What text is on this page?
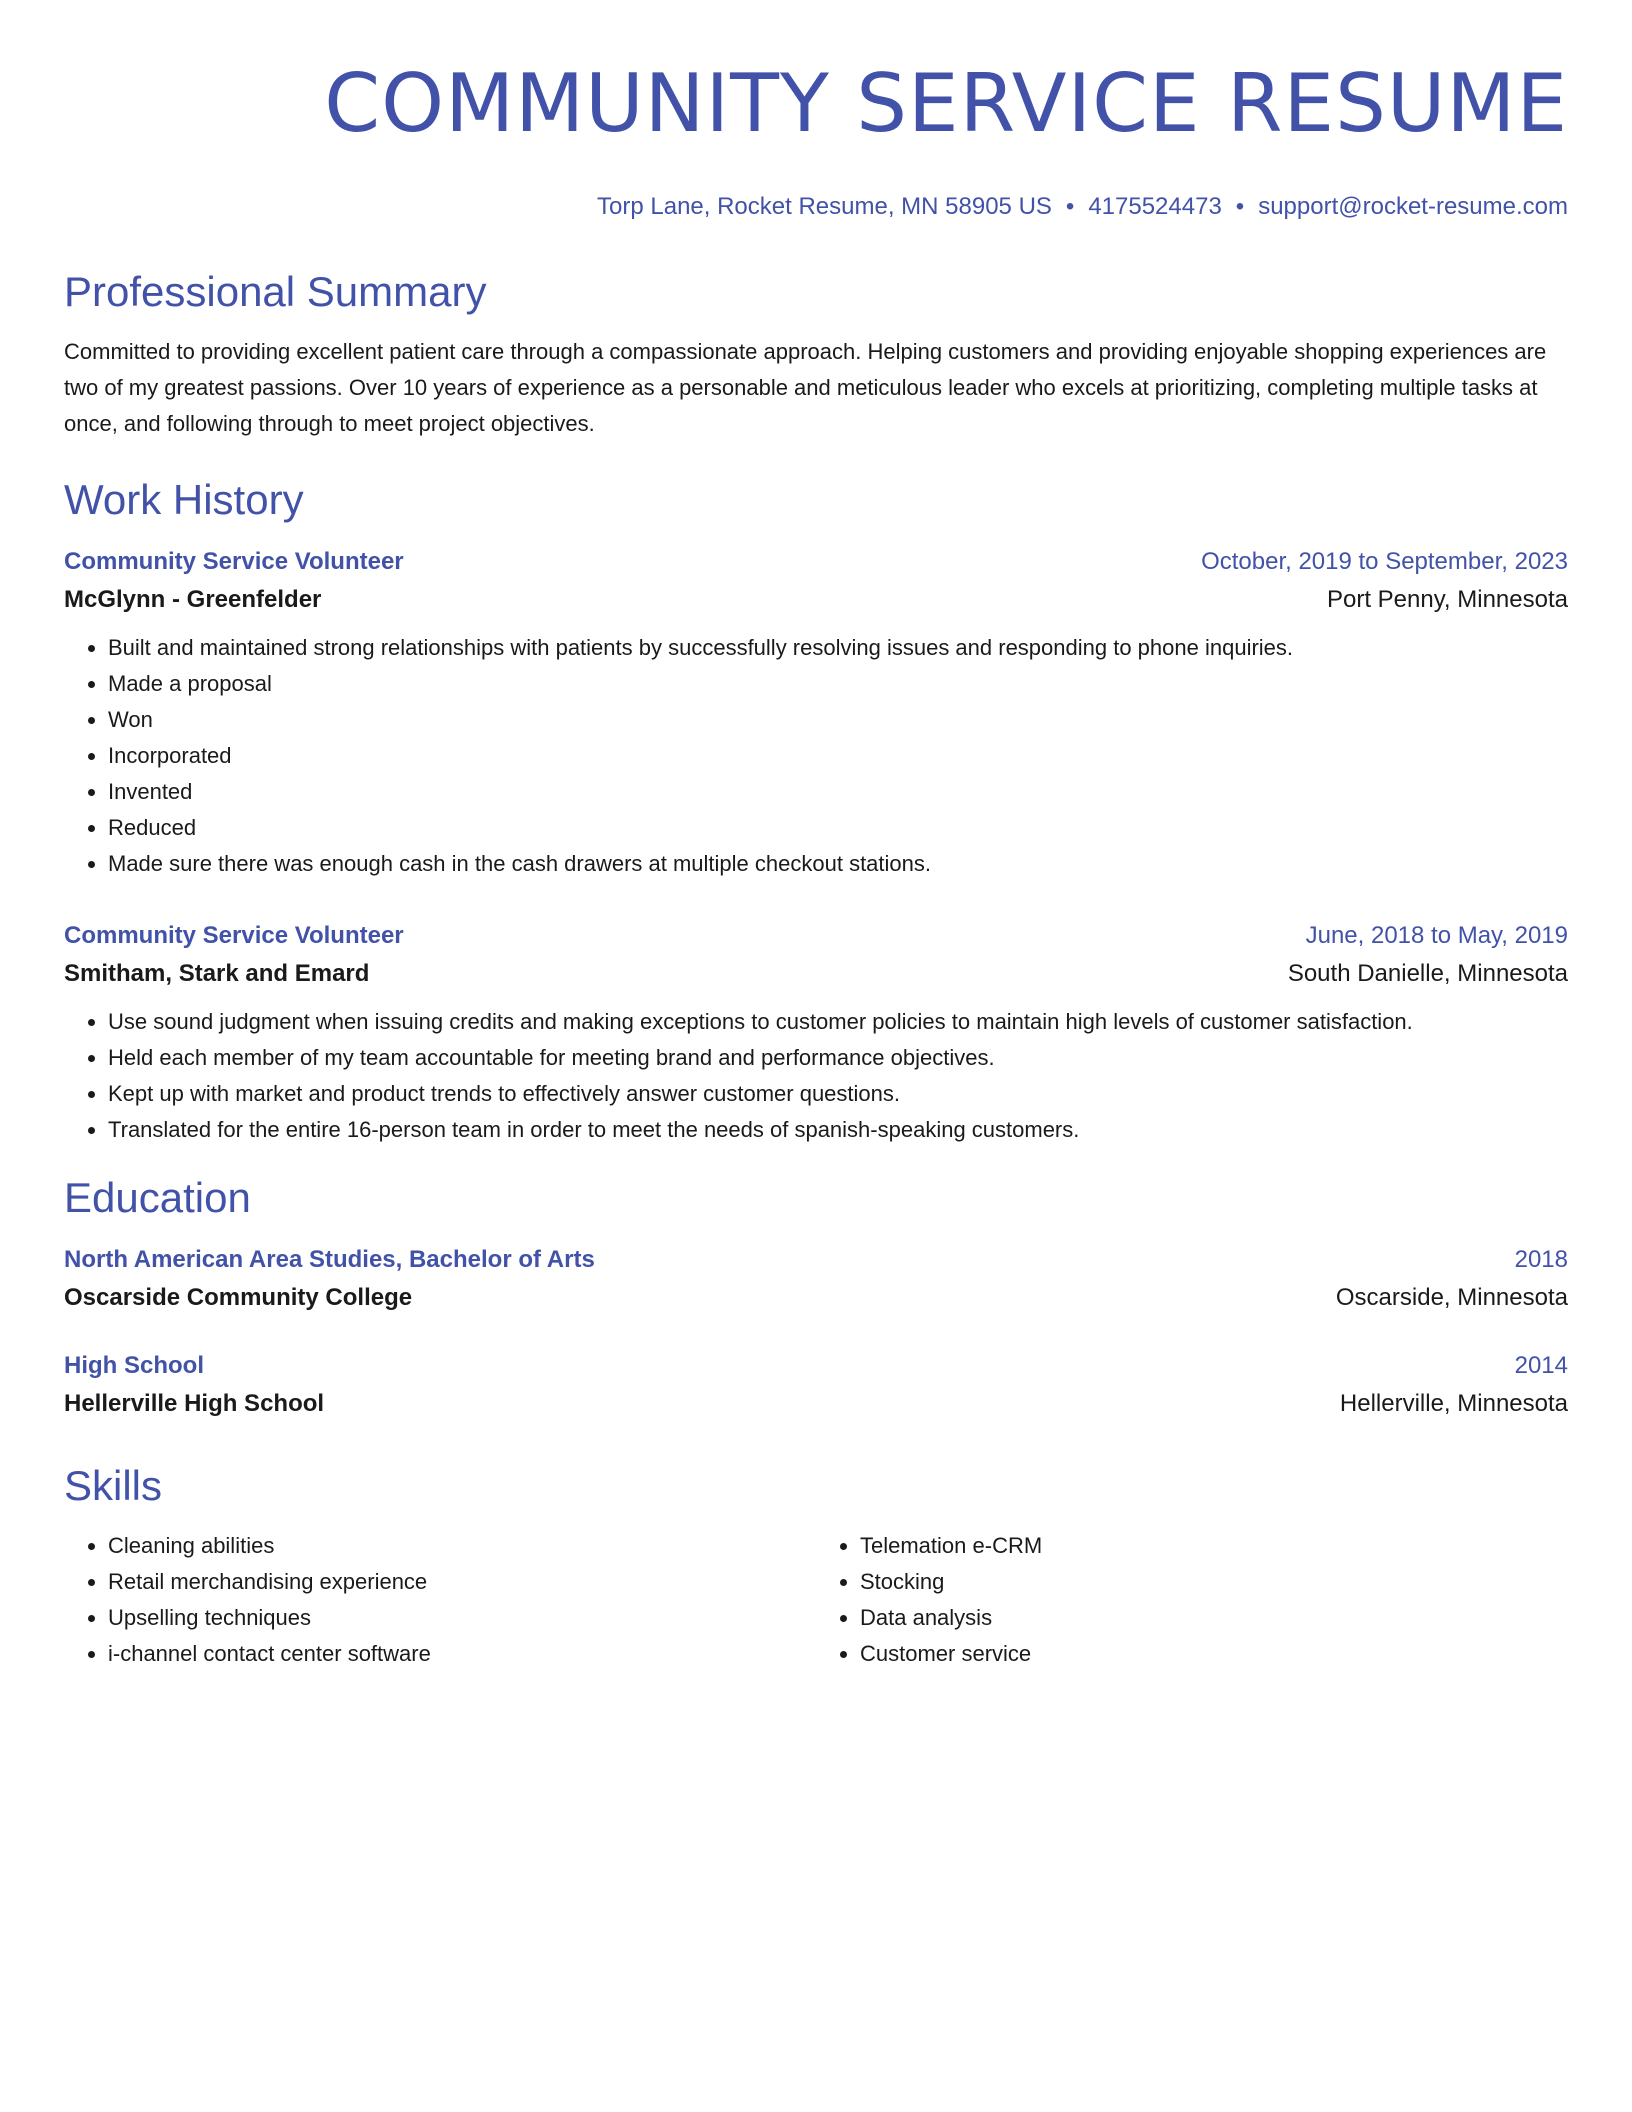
COMMUNITY SERVICE RESUME
Torp Lane, Rocket Resume, MN 58905 US • 4175524473 • support@rocket-resume.com
Professional Summary
Committed to providing excellent patient care through a compassionate approach. Helping customers and providing enjoyable shopping experiences are two of my greatest passions. Over 10 years of experience as a personable and meticulous leader who excels at prioritizing, completing multiple tasks at once, and following through to meet project objectives.
Work History
Community Service Volunteer	October, 2019 to September, 2023
McGlynn - Greenfelder	Port Penny, Minnesota
• Built and maintained strong relationships with patients by successfully resolving issues and responding to phone inquiries.
• Made a proposal
• Won
• Incorporated
• Invented
• Reduced
• Made sure there was enough cash in the cash drawers at multiple checkout stations.
Community Service Volunteer	June, 2018 to May, 2019
Smitham, Stark and Emard	South Danielle, Minnesota
• Use sound judgment when issuing credits and making exceptions to customer policies to maintain high levels of customer satisfaction.
• Held each member of my team accountable for meeting brand and performance objectives.
• Kept up with market and product trends to effectively answer customer questions.
• Translated for the entire 16-person team in order to meet the needs of spanish-speaking customers.
Education
North American Area Studies, Bachelor of Arts	2018
Oscarside Community College	Oscarside, Minnesota
High School	2014
Hellerville High School	Hellerville, Minnesota
Skills
• Cleaning abilities
• Retail merchandising experience
• Upselling techniques
• i-channel contact center software
• Telemation e-CRM
• Stocking
• Data analysis
• Customer service
